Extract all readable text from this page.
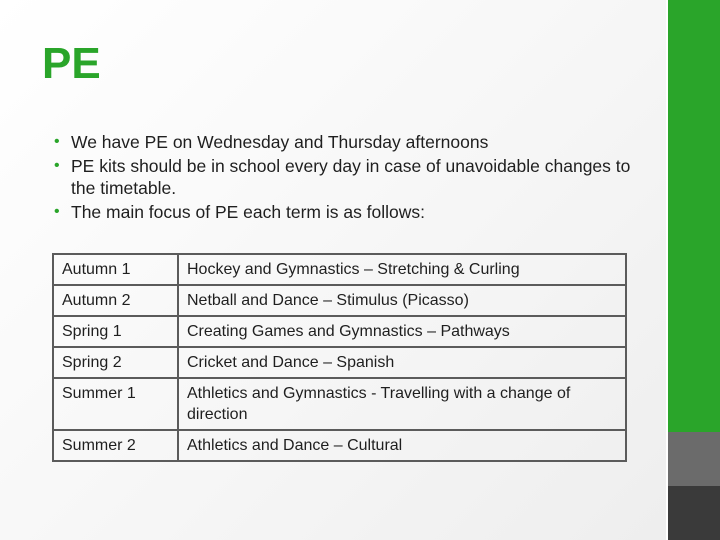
PE
• We have PE on Wednesday and Thursday afternoons
• PE kits should be in school every day in case of unavoidable changes to the timetable.
• The main focus of PE each term is as follows:
Autumn 1	Hockey and Gymnastics – Stretching & Curling
Autumn 2	Netball and Dance – Stimulus (Picasso)
Spring 1	Creating Games and Gymnastics – Pathways
Spring 2	Cricket and Dance – Spanish
Summer 1	Athletics and Gymnastics - Travelling with a change of direction
Summer 2	Athletics and Dance – Cultural
